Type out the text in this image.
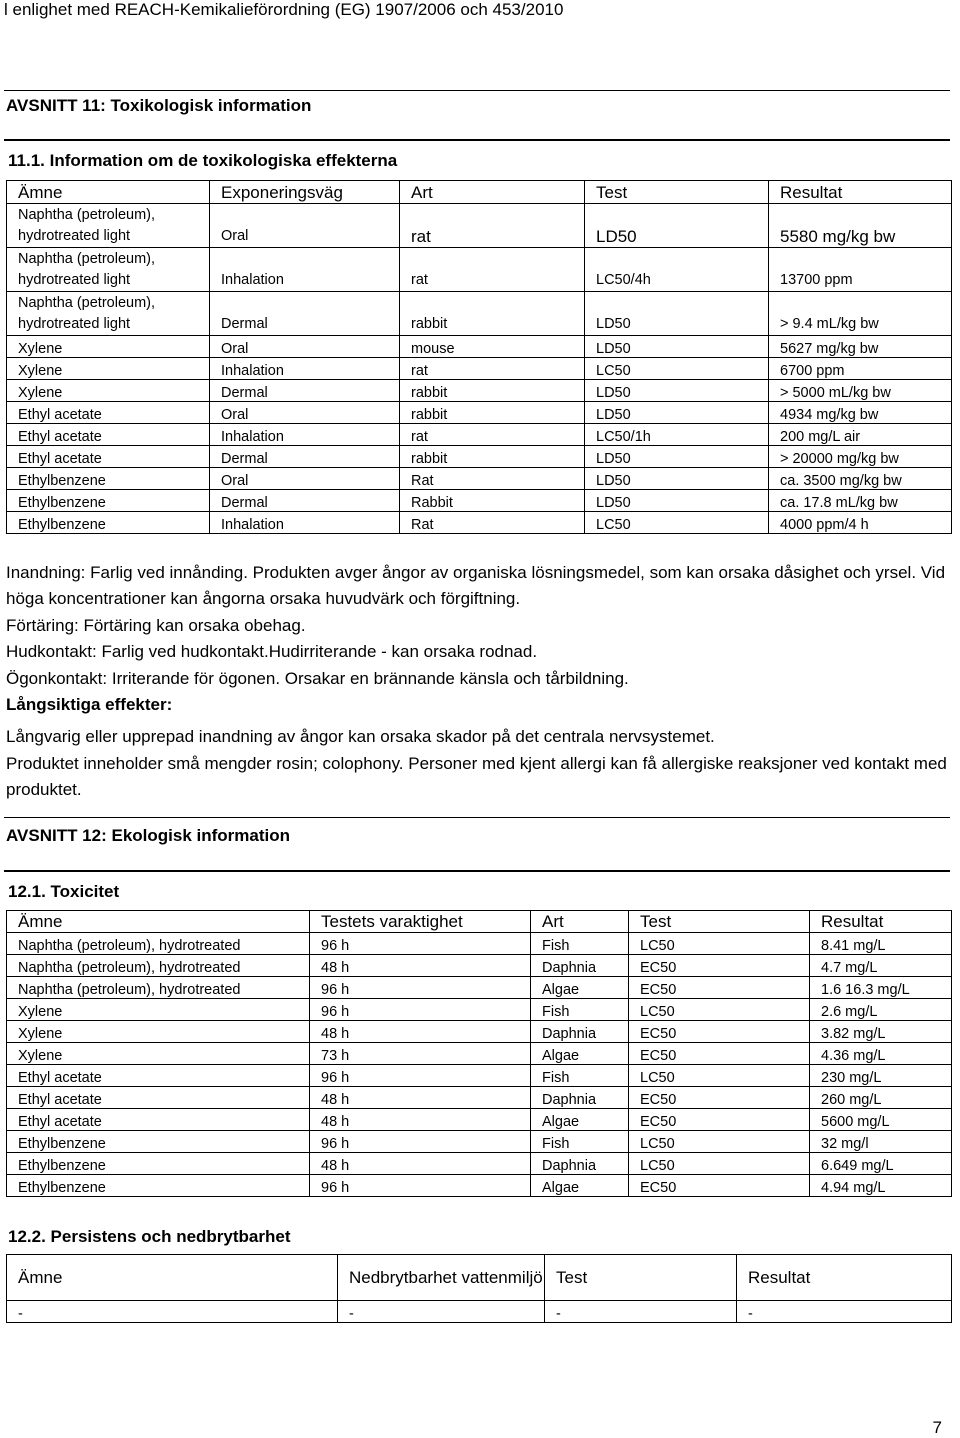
l enlighet med REACH-Kemikalieförordning (EG) 1907/2006 och 453/2010
AVSNITT 11: Toxikologisk information
11.1. Information om de toxikologiska effekterna
Ämne	Exponeringsväg	Art	Test	Resultat
Naphtha (petroleum), hydrotreated light	Oral	rat	LD50	5580 mg/kg bw
Naphtha (petroleum), hydrotreated light	Inhalation	rat	LC50/4h	13700 ppm
Naphtha (petroleum), hydrotreated light	Dermal	rabbit	LD50	> 9.4 mL/kg bw
Xylene	Oral	mouse	LD50	5627 mg/kg bw
Xylene	Inhalation	rat	LC50	6700 ppm
Xylene	Dermal	rabbit	LD50	> 5000 mL/kg bw
Ethyl acetate	Oral	rabbit	LD50	4934 mg/kg bw
Ethyl acetate	Inhalation	rat	LC50/1h	200 mg/L air
Ethyl acetate	Dermal	rabbit	LD50	> 20000 mg/kg bw
Ethylbenzene	Oral	Rat	LD50	ca. 3500 mg/kg bw
Ethylbenzene	Dermal	Rabbit	LD50	ca. 17.8 mL/kg bw
Ethylbenzene	Inhalation	Rat	LC50	4000 ppm/4 h

Inandning: Farlig ved innånding. Produkten avger ångor av organiska lösningsmedel, som kan orsaka dåsighet och yrsel. Vid höga koncentrationer kan ångorna orsaka huvudvärk och förgiftning.

Förtäring: Förtäring kan orsaka obehag.

Hudkontakt: Farlig ved hudkontakt.Hudirriterande - kan orsaka rodnad.

Ögonkontakt: Irriterande för ögonen. Orsakar en brännande känsla och tårbildning.

Långsiktiga effekter:

Långvarig eller upprepad inandning av ångor kan orsaka skador på det centrala nervsystemet.

Produktet inneholder små mengder rosin; colophony. Personer med kjent allergi kan få allergiske reaksjoner ved kontakt med produktet.

AVSNITT 12: Ekologisk information
12.1. Toxicitet
Ämne	Testets varaktighet	Art	Test	Resultat
Naphtha (petroleum), hydrotreated	96 h	Fish	LC50	8.41 mg/L
Naphtha (petroleum), hydrotreated	48 h	Daphnia	EC50	4.7 mg/L
Naphtha (petroleum), hydrotreated	96 h	Algae	EC50	1.6 16.3 mg/L
Xylene	96 h	Fish	LC50	2.6 mg/L
Xylene	48 h	Daphnia	EC50	3.82 mg/L
Xylene	73 h	Algae	EC50	4.36 mg/L
Ethyl acetate	96 h	Fish	LC50	230 mg/L
Ethyl acetate	48 h	Daphnia	EC50	260 mg/L
Ethyl acetate	48 h	Algae	EC50	5600 mg/L
Ethylbenzene	96 h	Fish	LC50	32 mg/l
Ethylbenzene	48 h	Daphnia	LC50	6.649 mg/L
Ethylbenzene	96 h	Algae	EC50	4.94 mg/L
12.2. Persistens och nedbrytbarhet
Ämne	Nedbrytbarhet vattenmiljö	Test	Resultat
-	-	-	-
7
